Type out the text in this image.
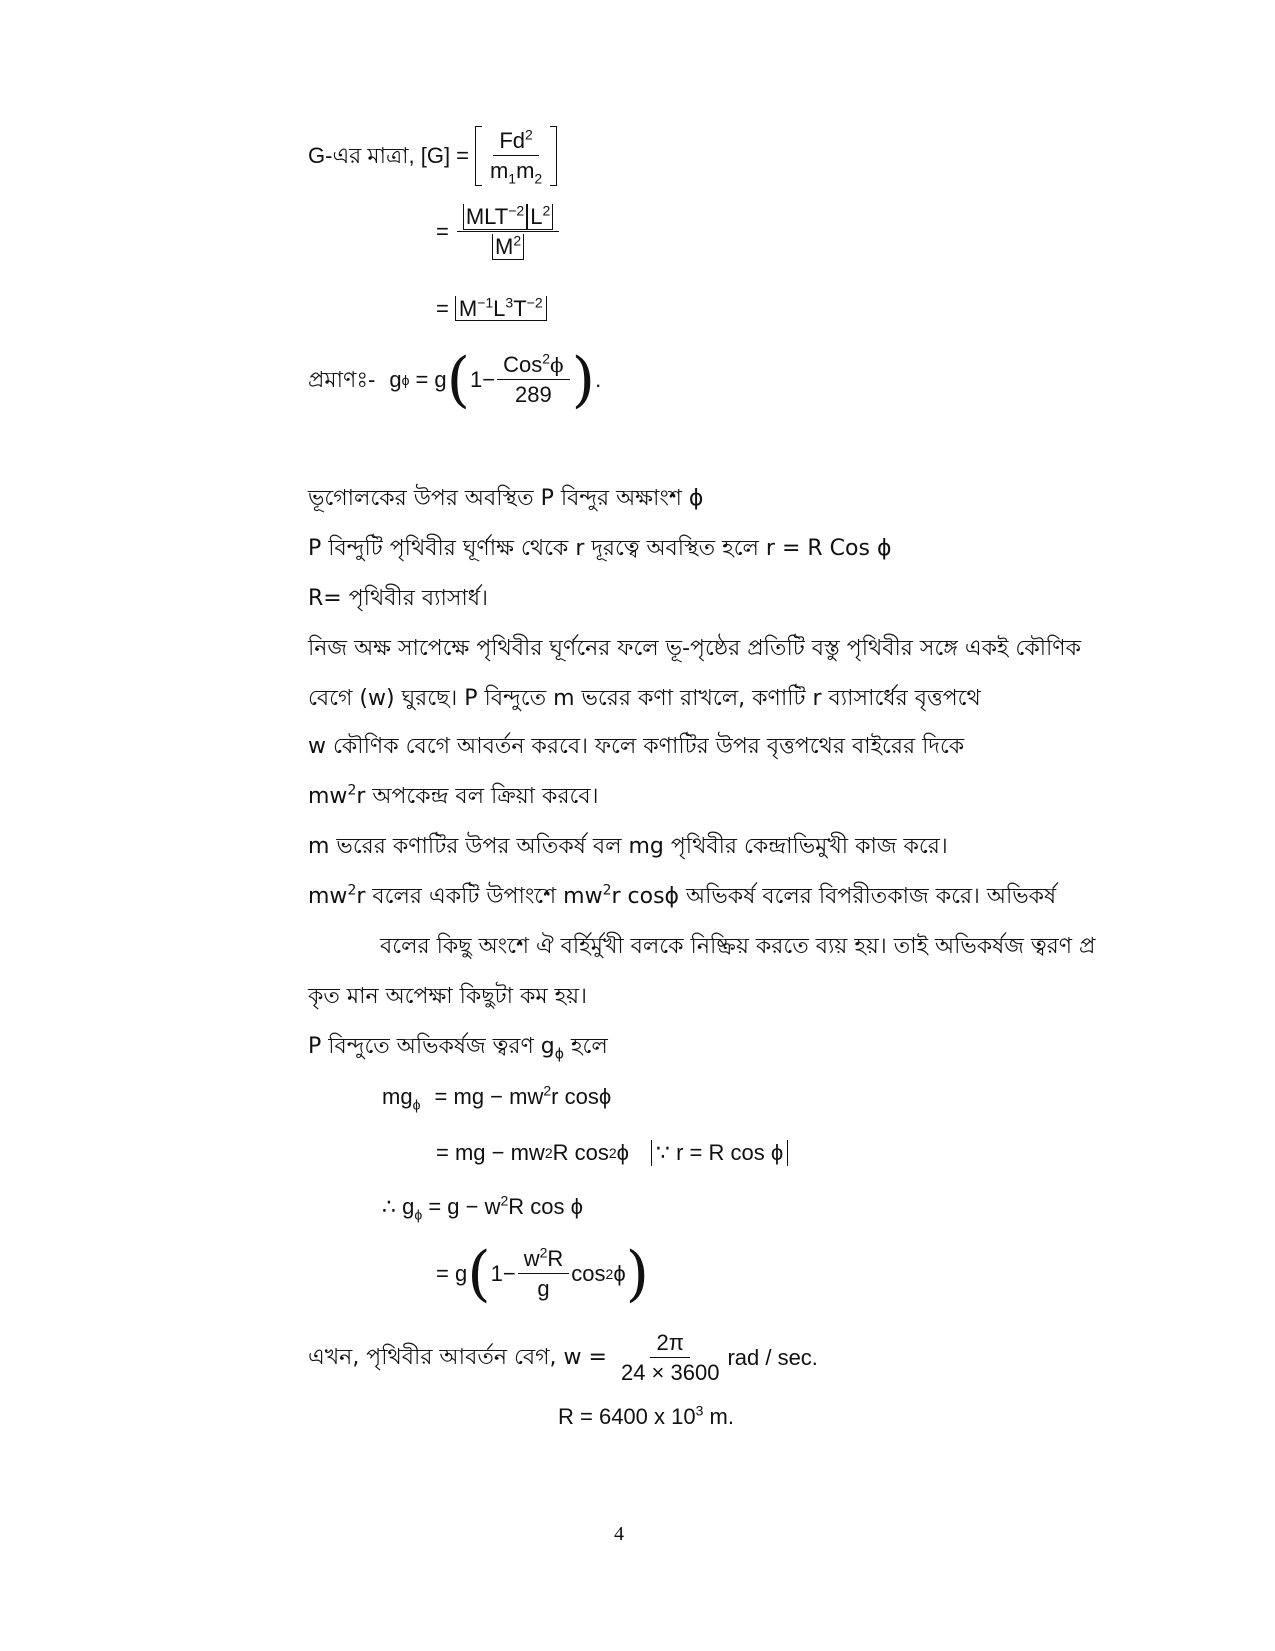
G-এর মাত্রা, $[G] = \frac{Fd^2}{m_1m_2}$
= $\frac{MLT^{-2} L^2}{M^2}$
= $M^{-1}L^3T^{-2}$
প্রমাণঃ- g ϕ = g ( $1- \frac{Cos^2\phi}{289}$ ) .
ভূগোলকের উপর অবস্থিত P বিন্দুর অক্ষাংশ ϕ
P বিন্দুটি পৃথিবীর ঘূর্ণাক্ষ থেকে r দূরত্বে অবস্থিত হলে r = R Cos ϕ
R= পৃথিবীর ব্যাসার্ধ।
নিজ অক্ষ সাপেক্ষে পৃথিবীর ঘূর্ণনের ফলে ভূ-পৃষ্ঠের প্রতিটি বস্তু পৃথিবীর সঙ্গে একই কৌণিক
বেগে (w) ঘুরছে। P বিন্দুতে m ভরের কণা রাখলে, কণাটি r ব্যাসার্ধের বৃত্তপথে
w কৌণিক বেগে আবর্তন করবে। ফলে কণাটির উপর বৃত্তপথের বাইরের দিকে
$mw^2r$ অপকেন্দ্র বল ক্রিয়া করবে।
m ভরের কণাটির উপর অতিকর্ষ বল mg পৃথিবীর কেন্দ্রাভিমুখী কাজ করে।
$mw^2r$ বলের একটি উপাংশে $mw^2r$ cosϕ অভিকর্ষ বলের বিপরীতকাজ করে। অভিকর্ষ
বলের কিছু অংশে ঐ বর্হির্মুখী বলকে নিষ্ক্রিয় করতে ব্যয় হয়। তাই অভিকর্ষজ ত্বরণ প্র
কৃত মান অপেক্ষা কিছুটা কম হয়।
P বিন্দুতে অভিকর্ষজ ত্বরণ $g_\phi$ হলে
$mg_\phi$ = mg − $mw^2r$ cosϕ
= mg − mw 2 R cos 2 ϕ ∵ r = R cos ϕ
∴ $g_\phi = g - w^2R$ cos ϕ
= g ( $1- \frac{w^2R}{g}$ cos 2 ϕ )
এখন, পৃথিবীর আবর্তন বেগ, $w = \frac{2\pi}{24 \times 3600}$ rad / sec.
R = 6400 x $10^3$ m.
4
